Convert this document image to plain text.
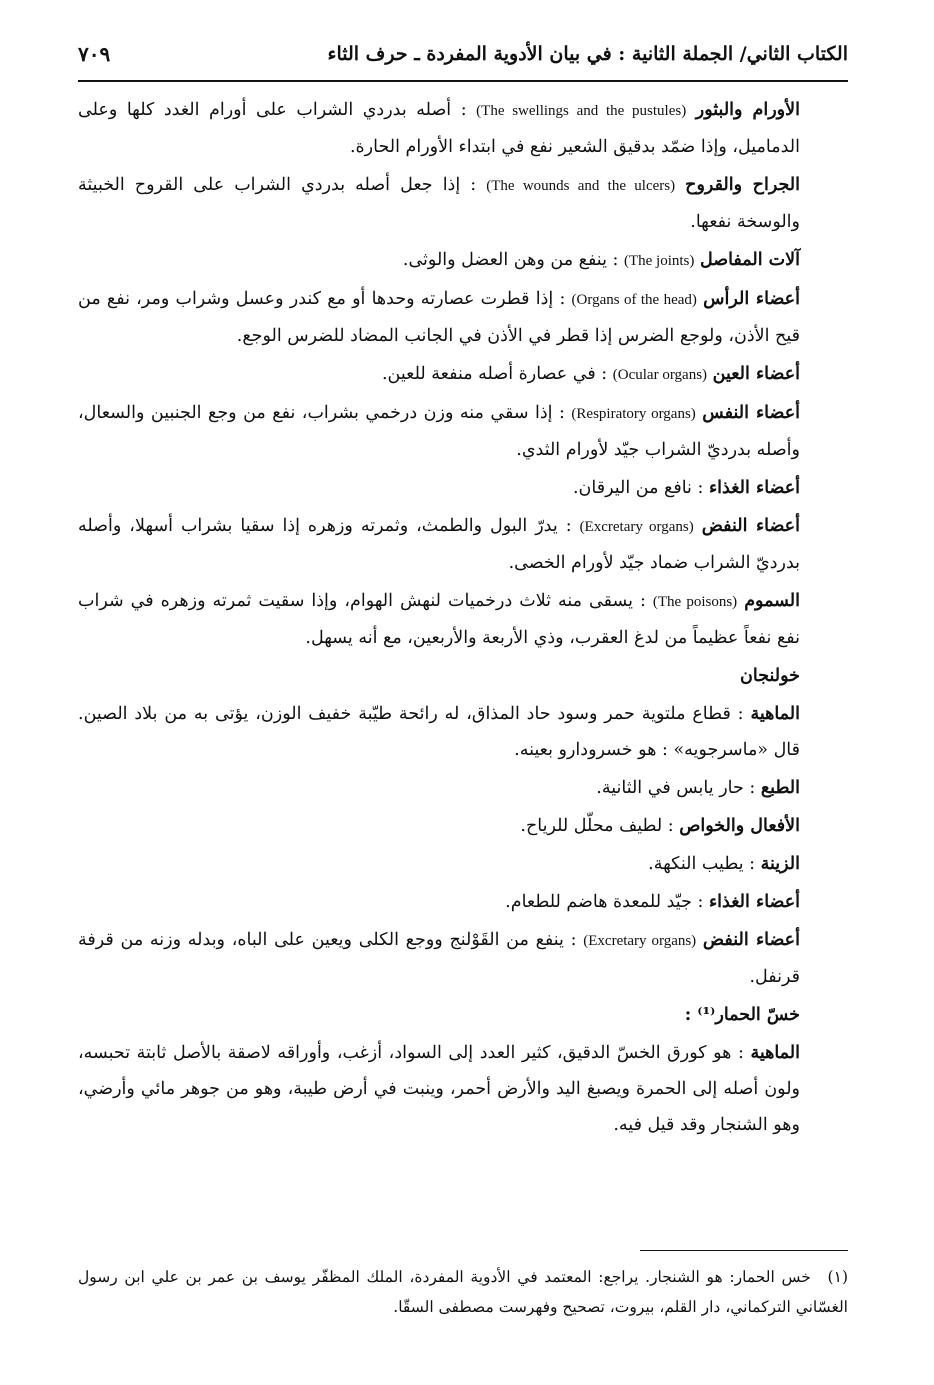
الكتاب الثاني/ الجملة الثانية : في بيان الأدوية المفردة ـ حرف الثاء
٧٠٩

الأورام والبثور (The swellings and the pustules) : أصله بدردي الشراب على أورام الغدد كلها وعلى الدماميل، وإذا ضمّد بدقيق الشعير نفع في ابتداء الأورام الحارة.

الجراح والقروح (The wounds and the ulcers) : إذا جعل أصله بدردي الشراب على القروح الخبيثة والوسخة نفعها.

آلات المفاصل (The joints) : ينفع من وهن العضل والوثى.

أعضاء الرأس (Organs of the head) : إذا قطرت عصارته وحدها أو مع كندر وعسل وشراب ومر، نفع من قيح الأذن، ولوجع الضرس إذا قطر في الأذن في الجانب المضاد للضرس الوجع.

أعضاء العين (Ocular organs) : في عصارة أصله منفعة للعين.

أعضاء النفس (Respiratory organs) : إذا سقي منه وزن درخمي بشراب، نفع من وجع الجنبين والسعال، وأصله بدرديّ الشراب جيّد لأورام الثدي.

أعضاء الغذاء : نافع من اليرقان.

أعضاء النفض (Excretary organs) : يدرّ البول والطمث، وثمرته وزهره إذا سقيا بشراب أسهلا، وأصله بدرديّ الشراب ضماد جيّد لأورام الخصى.

السموم (The poisons) : يسقى منه ثلاث درخميات لنهش الهوام، وإذا سقيت ثمرته وزهره في شراب نفع نفعاً عظيماً من لدغ العقرب، وذي الأربعة والأربعين، مع أنه يسهل.

خولنجان

الماهية : قطاع ملتوية حمر وسود حاد المذاق، له رائحة طيّبة خفيف الوزن، يؤتى به من بلاد الصين. قال «ماسرجويه» : هو خسرودارو بعينه.

الطبع : حار يابس في الثانية.

الأفعال والخواص : لطيف محلّل للرياح.

الزينة : يطيب النكهة.

أعضاء الغذاء : جيّد للمعدة هاضم للطعام.

أعضاء النفض (Excretary organs) : ينفع من القَوْلنج ووجع الكلى ويعين على الباه، وبدله وزنه من قرفة قرنفل.

خسّ الحمار⁽¹⁾ :

الماهية : هو كورق الخسّ الدقيق، كثير العدد إلى السواد، أزغب، وأوراقه لاصقة بالأصل ثابتة تحبسه، ولون أصله إلى الحمرة ويصبغ اليد والأرض أحمر، وينبت في أرض طيبة، وهو من جوهر مائي وأرضي، وهو الشنجار وقد قيل فيه.

(١) خس الحمار: هو الشنجار. يراجع: المعتمد في الأدوية المفردة، الملك المظفّر يوسف بن عمر بن علي ابن رسول الغسّاني التركماني، دار القلم، بيروت، تصحيح وفهرست مصطفى السقّا.
